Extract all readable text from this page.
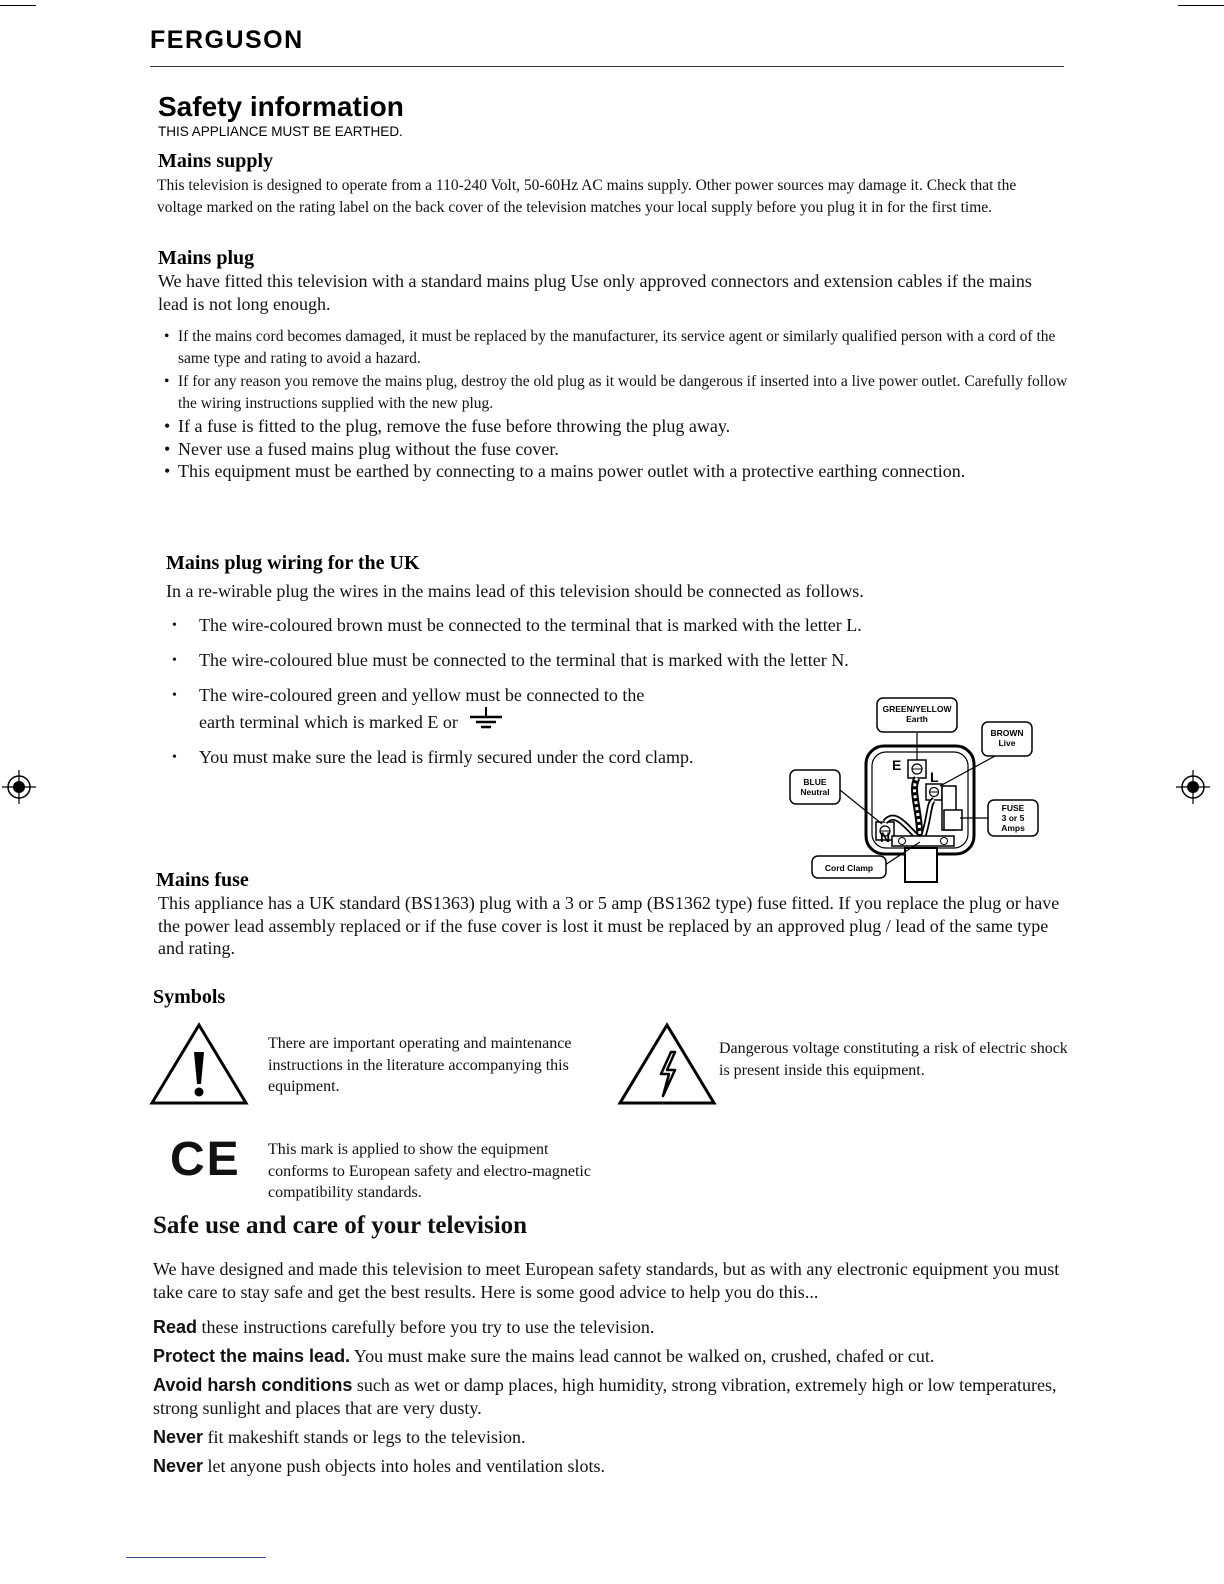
FERGUSON
Safety information
THIS APPLIANCE MUST BE EARTHED.
Mains supply
This television is designed to operate from a 110-240 Volt, 50-60Hz AC mains supply. Other power sources may damage it. Check that the voltage marked on the rating label on the back cover of the television matches your local supply before you plug it in for the first time.
Mains plug
We have fitted this television with a standard mains plug Use only approved connectors and extension cables if the mains lead is not long enough.
• If the mains cord becomes damaged, it must be replaced by the manufacturer, its service agent or similarly qualified person with a cord of the same type and rating to avoid a hazard.
• If for any reason you remove the mains plug, destroy the old plug as it would be dangerous if inserted into a live power outlet. Carefully follow the wiring instructions supplied with the new plug.
• If a fuse is fitted to the plug, remove the fuse before throwing the plug away.
• Never use a fused mains plug without the fuse cover.
• This equipment must be earthed by connecting to a mains power outlet with a protective earthing connection.
Mains plug wiring for the UK
In a re-wirable plug the wires in the mains lead of this television should be connected as follows.
• The wire-coloured brown must be connected to the terminal that is marked with the letter L.
• The wire-coloured blue must be connected to the terminal that is marked with the letter N.
• The wire-coloured green and yellow must be connected to the
earth terminal which is marked E or
• You must make sure the lead is firmly secured under the cord clamp.	E
L
N
GREEN/YELLOW
Earth
BROWN
Live
BLUE
Neutral
FUSE
3 or 5
Amps
Cord Clamp
Mains fuse
This appliance has a UK standard (BS1363) plug with a 3 or 5 amp (BS1362 type) fuse fitted. If you replace the plug or have the power lead assembly replaced or if the fuse cover is lost it must be replaced by an approved plug / lead of the same type and rating.
Symbols
There are important operating and maintenance instructions in the literature accompanying this equipment.
Dangerous voltage constituting a risk of electric shock is present inside this equipment.
CE This mark is applied to show the equipment conforms to European safety and electro-magnetic compatibility standards.
Safe use and care of your television
We have designed and made this television to meet European safety standards, but as with any electronic equipment you must take care to stay safe and get the best results. Here is some good advice to help you do this...
Read these instructions carefully before you try to use the television.
Protect the mains lead. You must make sure the mains lead cannot be walked on, crushed, chafed or cut.
Avoid harsh conditions such as wet or damp places, high humidity, strong vibration, extremely high or low temperatures, strong sunlight and places that are very dusty.
Never fit makeshift stands or legs to the television.
Never let anyone push objects into holes and ventilation slots.
